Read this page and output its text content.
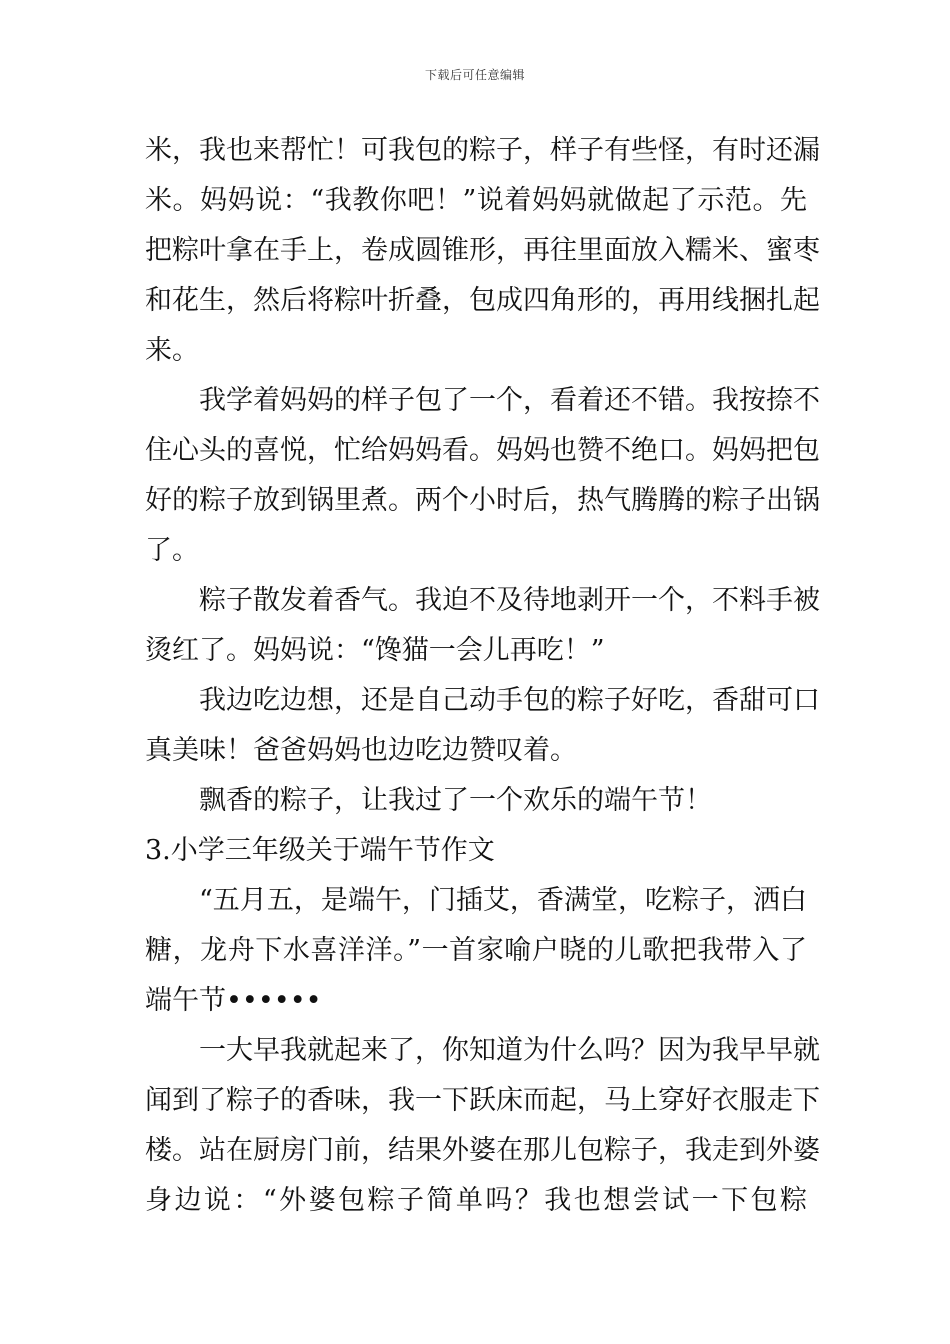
下载后可任意编辑
米，我也来帮忙！可我包的粽子，样子有些怪，有时还漏
米。妈妈说：“我教你吧！”说着妈妈就做起了示范。先
把粽叶拿在手上，卷成圆锥形，再往里面放入糯米、蜜枣
和花生，然后将粽叶折叠，包成四角形的，再用线捆扎起
来。
我学着妈妈的样子包了一个，看着还不错。我按捺不
住心头的喜悦，忙给妈妈看。妈妈也赞不绝口。妈妈把包
好的粽子放到锅里煮。两个小时后，热气腾腾的粽子出锅
了。
粽子散发着香气。我迫不及待地剥开一个，不料手被
烫红了。妈妈说：“馋猫一会儿再吃！”
我边吃边想，还是自己动手包的粽子好吃，香甜可口
真美味！爸爸妈妈也边吃边赞叹着。
飘香的粽子，让我过了一个欢乐的端午节！
3.小学三年级关于端午节作文
“五月五，是端午，门插艾，香满堂，吃粽子，洒白
糖，龙舟下水喜洋洋。”一首家喻户晓的儿歌把我带入了
端午节••••••
一大早我就起来了，你知道为什么吗？因为我早早就
闻到了粽子的香味，我一下跃床而起，马上穿好衣服走下
楼。站在厨房门前，结果外婆在那儿包粽子，我走到外婆
身边说：“外婆包粽子简单吗？我也想尝试一下包粽
